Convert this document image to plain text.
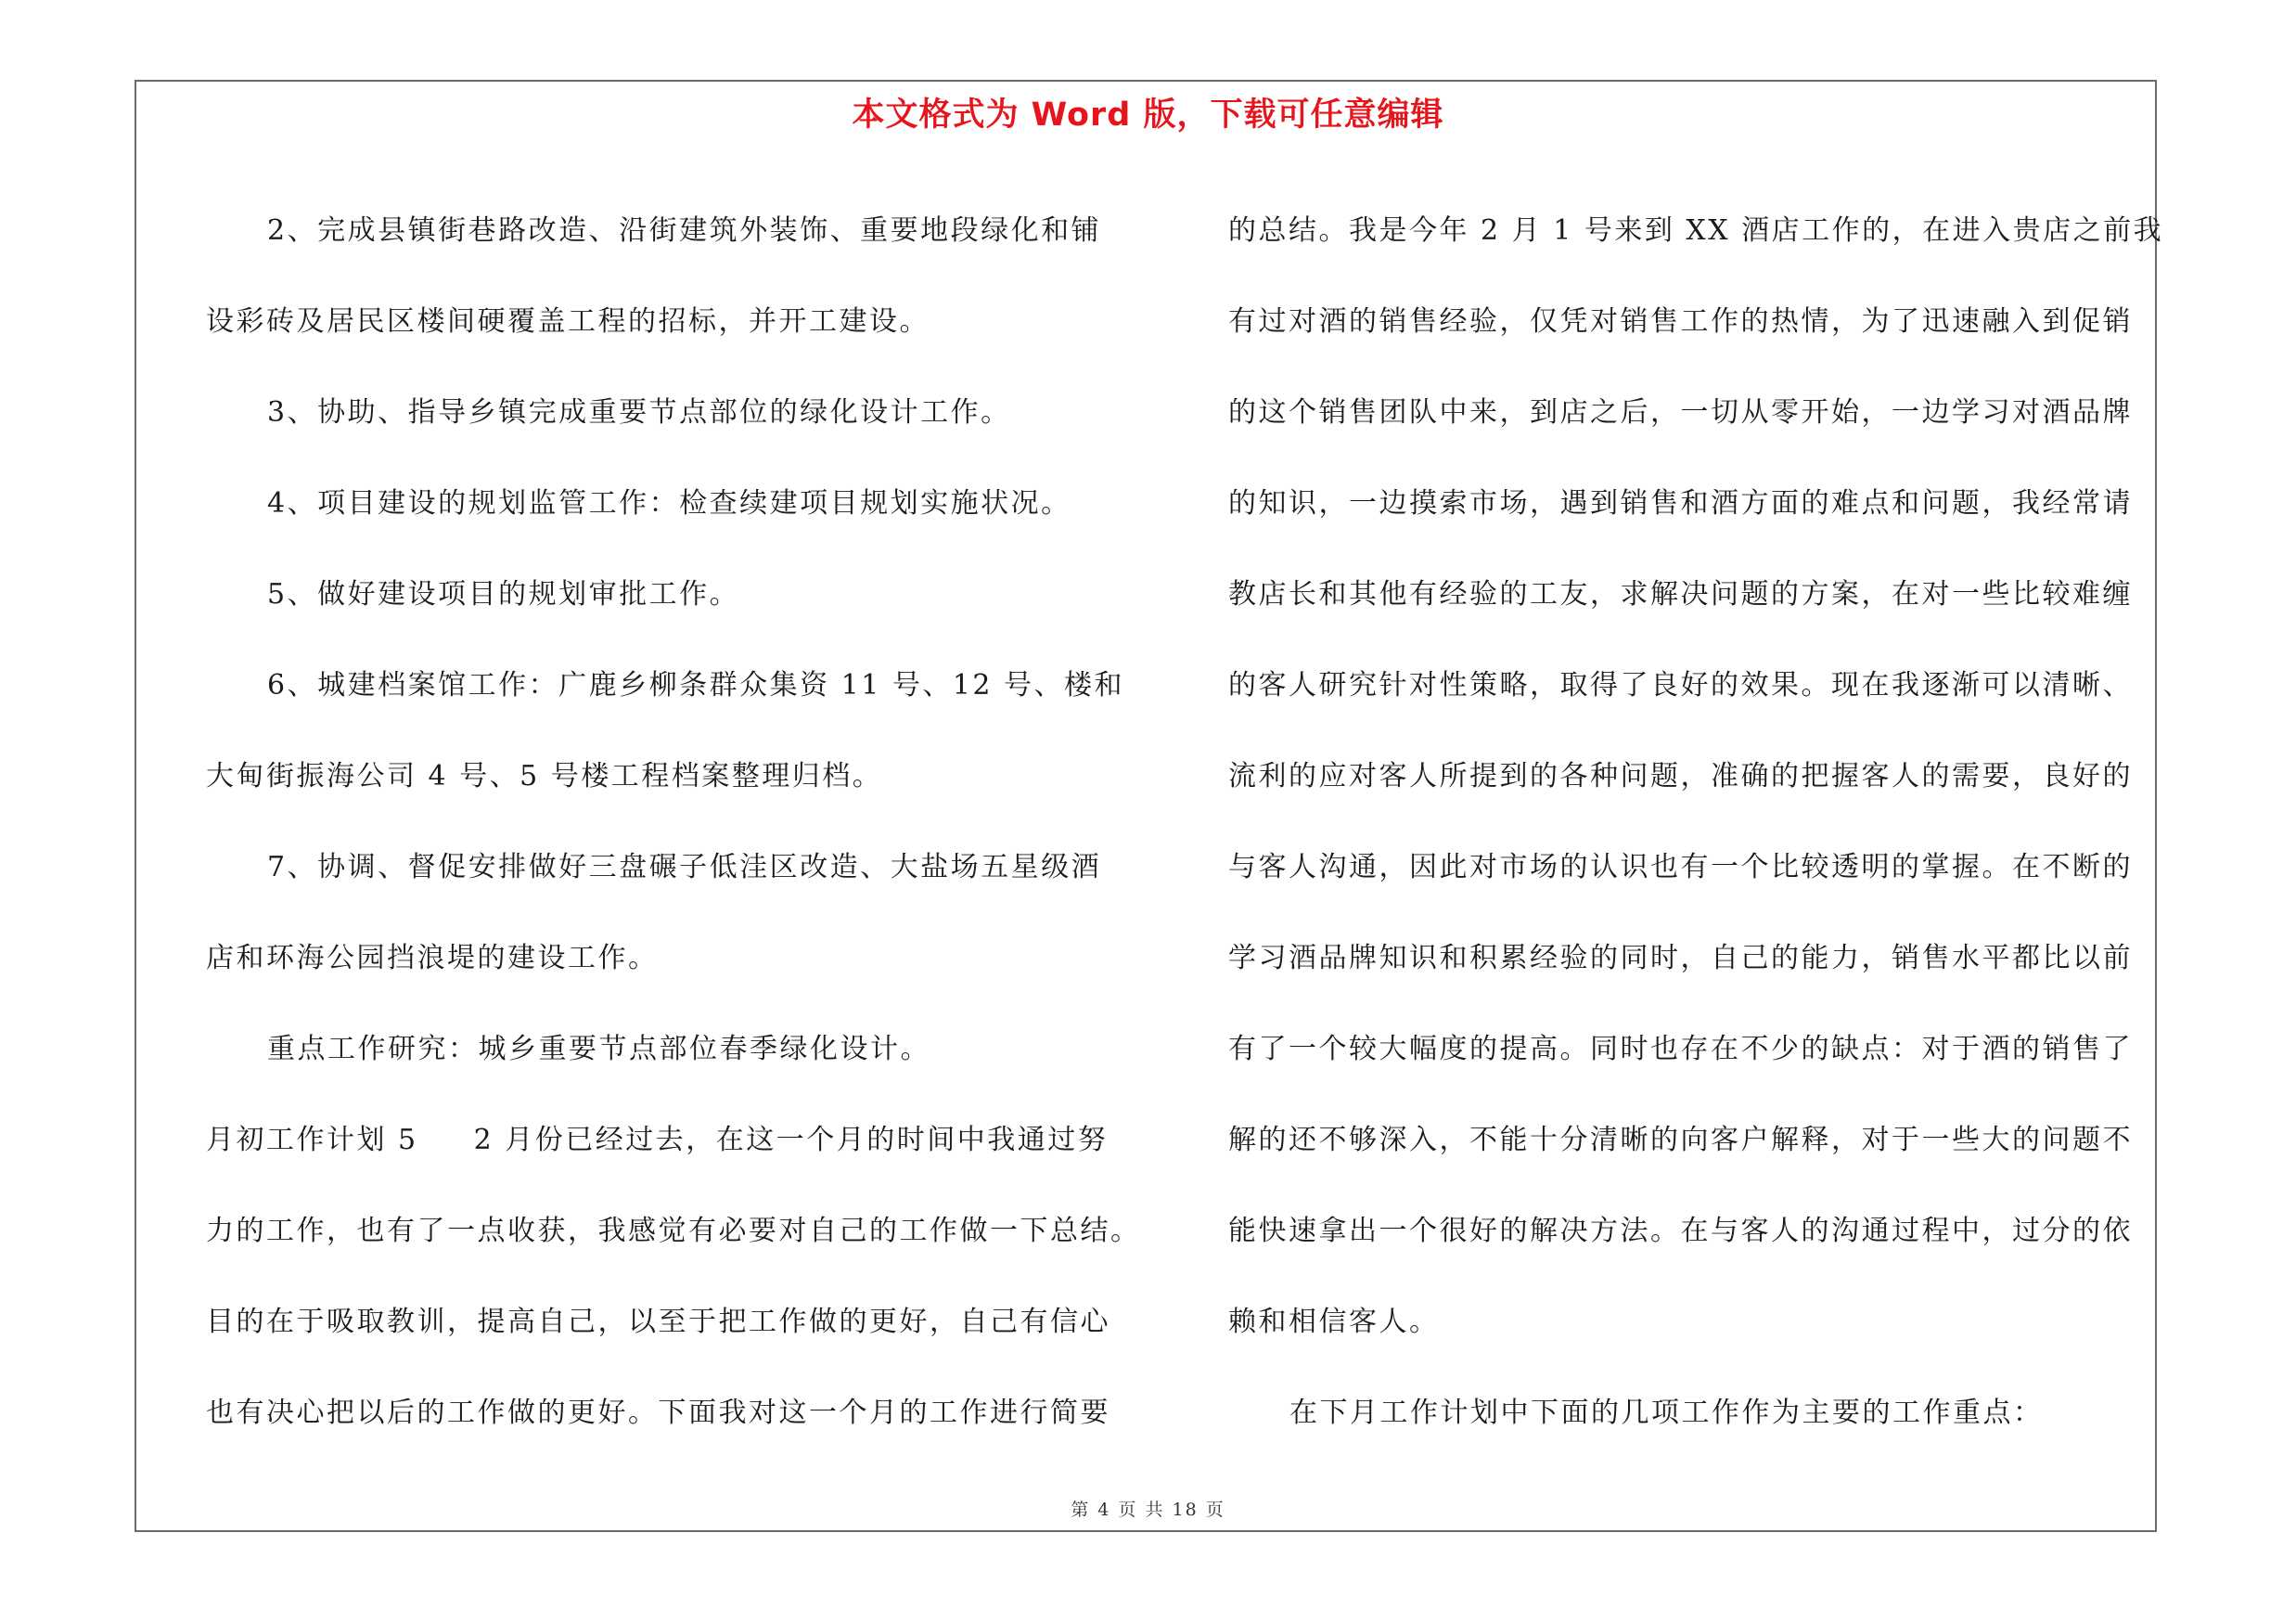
本文格式为 Word 版，下载可任意编辑
2、完成县镇街巷路改造、沿街建筑外装饰、重要地段绿化和铺
设彩砖及居民区楼间硬覆盖工程的招标，并开工建设。
3、协助、指导乡镇完成重要节点部位的绿化设计工作。
4、项目建设的规划监管工作：检查续建项目规划实施状况。
5、做好建设项目的规划审批工作。
6、城建档案馆工作：广鹿乡柳条群众集资 11 号、12 号、楼和
大甸街振海公司 4 号、5 号楼工程档案整理归档。
7、协调、督促安排做好三盘碾子低洼区改造、大盐场五星级酒
店和环海公园挡浪堤的建设工作。
重点工作研究：城乡重要节点部位春季绿化设计。
月初工作计划 5 2 月份已经过去，在这一个月的时间中我通过努
力的工作，也有了一点收获，我感觉有必要对自己的工作做一下总结。
目的在于吸取教训，提高自己，以至于把工作做的更好，自己有信心
也有决心把以后的工作做的更好。下面我对这一个月的工作进行简要
的总结。我是今年 2 月 1 号来到 XX 酒店工作的，在进入贵店之前我
有过对酒的销售经验，仅凭对销售工作的热情，为了迅速融入到促销
的这个销售团队中来，到店之后，一切从零开始，一边学习对酒品牌
的知识，一边摸索市场，遇到销售和酒方面的难点和问题，我经常请
教店长和其他有经验的工友，求解决问题的方案，在对一些比较难缠
的客人研究针对性策略，取得了良好的效果。现在我逐渐可以清晰、
流利的应对客人所提到的各种问题，准确的把握客人的需要，良好的
与客人沟通，因此对市场的认识也有一个比较透明的掌握。在不断的
学习酒品牌知识和积累经验的同时，自己的能力，销售水平都比以前
有了一个较大幅度的提高。同时也存在不少的缺点：对于酒的销售了
解的还不够深入，不能十分清晰的向客户解释，对于一些大的问题不
能快速拿出一个很好的解决方法。在与客人的沟通过程中，过分的依
赖和相信客人。
在下月工作计划中下面的几项工作作为主要的工作重点：
第 4 页 共 18 页
